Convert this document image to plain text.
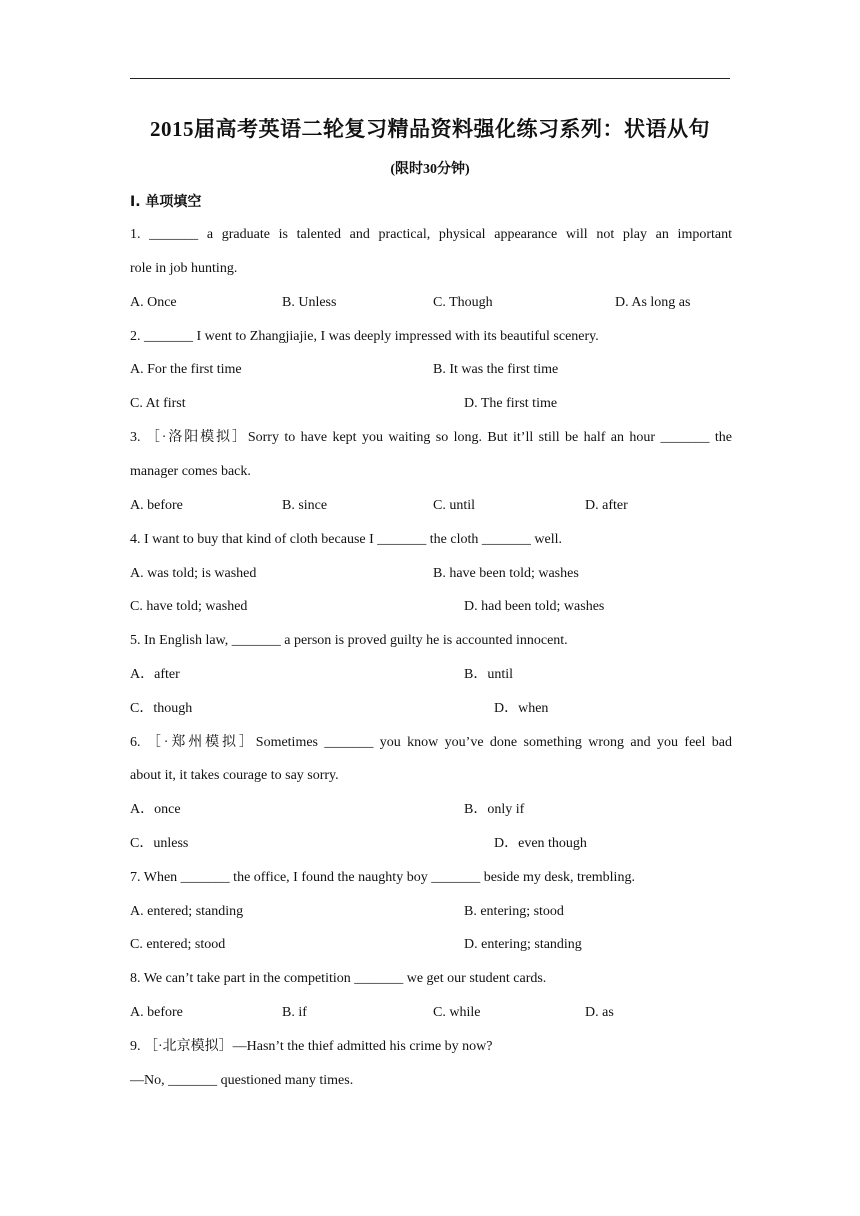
2015届高考英语二轮复习精品资料强化练习系列：状语从句
(限时30分钟)
Ⅰ. 单项填空
1. _______ a graduate is talented and practical, physical appearance will not play an important
role in job hunting.
A. Once	B. Unless	C. Though	D. As long as
2. _______ I went to Zhangjiajie, I was deeply impressed with its beautiful scenery.
A. For the first time	B. It was the first time
C. At first	D. The first time
3. ［·洛阳模拟］Sorry to have kept you waiting so long. But it’ll still be half an hour _______ the
manager comes back.
A. before	B. since	C. until	D. after
4. I want to buy that kind of cloth because I _______ the cloth _______ well.
A. was told; is washed	B. have been told; washes
C. have told; washed	D. had been told; washes
5. In English law, _______ a person is proved guilty he is accounted innocent.
A．after	B．until
C．though	D．when
6. ［·郑州模拟］Sometimes _______ you know you’ve done something wrong and you feel bad
about it, it takes courage to say sorry.
A．once	B．only if
C．unless	D．even though
7. When _______ the office, I found the naughty boy _______ beside my desk, trembling.
A. entered; standing	B. entering; stood
C. entered; stood	D. entering; standing
8. We can’t take part in the competition _______ we get our student cards.
A. before	B. if	C. while	D. as
9. ［·北京模拟］—Hasn’t the thief admitted his crime by now?
—No, _______ questioned many times.
